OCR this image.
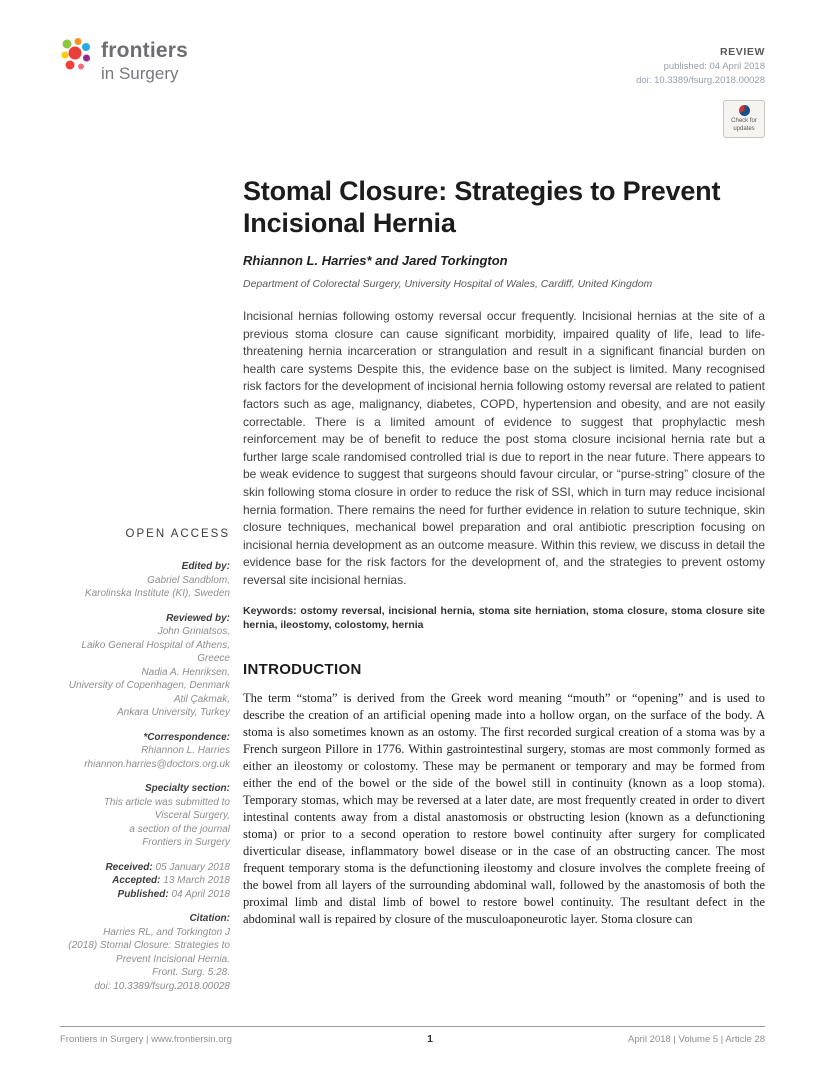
frontiers
in Surgery
REVIEW
published: 04 April 2018
doi: 10.3389/fsurg.2018.00028
Check for updates
OPEN ACCESS
Edited by:
Gabriel Sandblom,
Karolinska Institute (KI), Sweden
Reviewed by:
John Griniatsos,
Laiko General Hospital of Athens,
Greece
Nadia A. Henriksen,
University of Copenhagen, Denmark
Atil Çakmak,
Ankara University, Turkey
*Correspondence:
Rhiannon L. Harries
rhiannon.harries@doctors.org.uk
Specialty section:
This article was submitted to
Visceral Surgery,
a section of the journal
Frontiers in Surgery
Received: 05 January 2018
Accepted: 13 March 2018
Published: 04 April 2018
Citation:
Harries RL, and Torkington J
(2018) Stomal Closure: Strategies to
Prevent Incisional Hernia.
Front. Surg. 5:28.
doi: 10.3389/fsurg.2018.00028
Stomal Closure: Strategies to Prevent Incisional Hernia
Rhiannon L. Harries* and Jared Torkington
Department of Colorectal Surgery, University Hospital of Wales, Cardiff, United Kingdom

Incisional hernias following ostomy reversal occur frequently. Incisional hernias at the site of a previous stoma closure can cause significant morbidity, impaired quality of life, lead to life-threatening hernia incarceration or strangulation and result in a significant financial burden on health care systems Despite this, the evidence base on the subject is limited. Many recognised risk factors for the development of incisional hernia following ostomy reversal are related to patient factors such as age, malignancy, diabetes, COPD, hypertension and obesity, and are not easily correctable. There is a limited amount of evidence to suggest that prophylactic mesh reinforcement may be of benefit to reduce the post stoma closure incisional hernia rate but a further large scale randomised controlled trial is due to report in the near future. There appears to be weak evidence to suggest that surgeons should favour circular, or “purse-string” closure of the skin following stoma closure in order to reduce the risk of SSI, which in turn may reduce incisional hernia formation. There remains the need for further evidence in relation to suture technique, skin closure techniques, mechanical bowel preparation and oral antibiotic prescription focusing on incisional hernia development as an outcome measure. Within this review, we discuss in detail the evidence base for the risk factors for the development of, and the strategies to prevent ostomy reversal site incisional hernias.

Keywords: ostomy reversal, incisional hernia, stoma site herniation, stoma closure, stoma closure site hernia, ileostomy, colostomy, hernia

INTRODUCTION

The term “stoma” is derived from the Greek word meaning “mouth” or “opening” and is used to describe the creation of an artificial opening made into a hollow organ, on the surface of the body. A stoma is also sometimes known as an ostomy. The first recorded surgical creation of a stoma was by a French surgeon Pillore in 1776. Within gastrointestinal surgery, stomas are most commonly formed as either an ileostomy or colostomy. These may be permanent or temporary and may be formed from either the end of the bowel or the side of the bowel still in continuity (known as a loop stoma). Temporary stomas, which may be reversed at a later date, are most frequently created in order to divert intestinal contents away from a distal anastomosis or obstructing lesion (known as a defunctioning stoma) or prior to a second operation to restore bowel continuity after surgery for complicated diverticular disease, inflammatory bowel disease or in the case of an obstructing cancer. The most frequent temporary stoma is the defunctioning ileostomy and closure involves the complete freeing of the bowel from all layers of the surrounding abdominal wall, followed by the anastomosis of both the proximal limb and distal limb of bowel to restore bowel continuity. The resultant defect in the abdominal wall is repaired by closure of the musculoaponeurotic layer. Stoma closure can

Frontiers in Surgery | www.frontiersin.org	1	April 2018 | Volume 5 | Article 28
